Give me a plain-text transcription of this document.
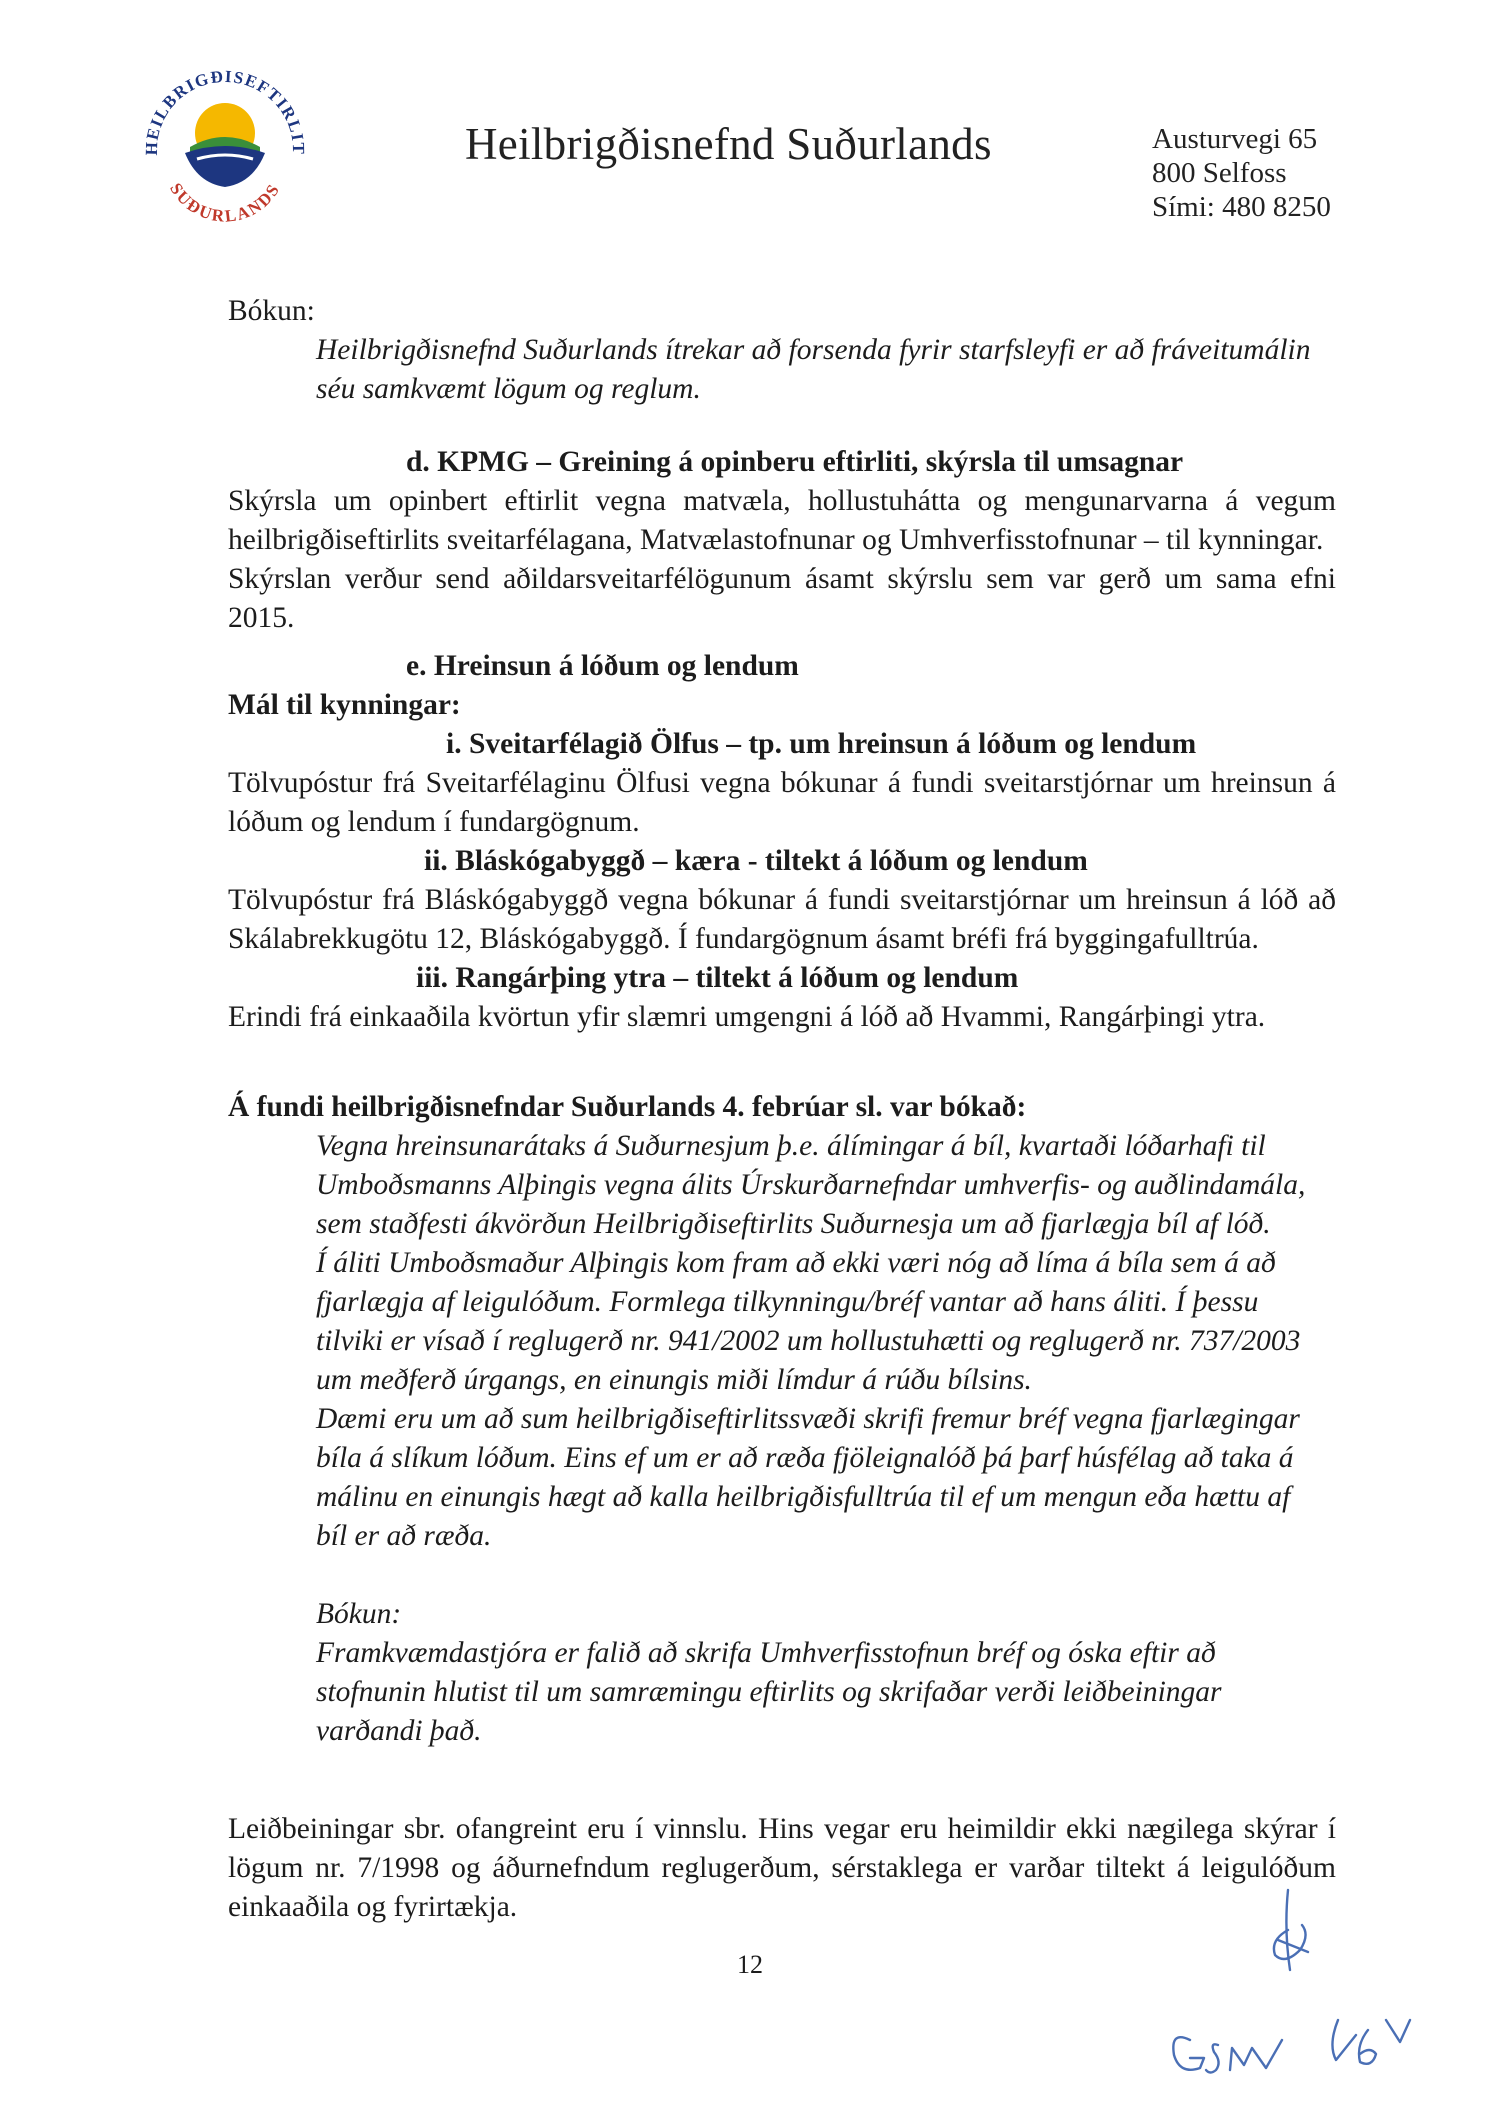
HEILBRIGÐISEFTIRLIT
SUÐURLANDS
Heilbrigðisnefnd Suðurlands	Austurvegi 65
800 Selfoss
Sími: 480 8250

Bókun:

Heilbrigðisnefnd Suðurlands ítrekar að forsenda fyrir starfsleyfi er að fráveitumálin séu samkvæmt lögum og reglum.

d. KPMG – Greining á opinberu eftirliti, skýrsla til umsagnar

Skýrsla um opinbert eftirlit vegna matvæla, hollustuhátta og mengunarvarna á vegum heilbrigðiseftirlits sveitarfélagana, Matvælastofnunar og Umhverfisstofnunar – til kynningar.

Skýrslan verður send aðildarsveitarfélögunum ásamt skýrslu sem var gerð um sama efni 2015.

e. Hreinsun á lóðum og lendum

Mál til kynningar:

i. Sveitarfélagið Ölfus – tp. um hreinsun á lóðum og lendum

Tölvupóstur frá Sveitarfélaginu Ölfusi vegna bókunar á fundi sveitarstjórnar um hreinsun á lóðum og lendum í fundargögnum.

ii. Bláskógabyggð – kæra - tiltekt á lóðum og lendum

Tölvupóstur frá Bláskógabyggð vegna bókunar á fundi sveitarstjórnar um hreinsun á lóð að Skálabrekkugötu 12, Bláskógabyggð. Í fundargögnum ásamt bréfi frá byggingafulltrúa.

iii. Rangárþing ytra – tiltekt á lóðum og lendum

Erindi frá einkaaðila kvörtun yfir slæmri umgengni á lóð að Hvammi, Rangárþingi ytra.

Á fundi heilbrigðisnefndar Suðurlands 4. febrúar sl. var bókað:

Vegna hreinsunarátaks á Suðurnesjum þ.e. álímingar á bíl, kvartaði lóðarhafi til Umboðsmanns Alþingis vegna álits Úrskurðarnefndar umhverfis- og auðlindamála, sem staðfesti ákvörðun Heilbrigðiseftirlits Suðurnesja um að fjarlægja bíl af lóð.

Í áliti Umboðsmaður Alþingis kom fram að ekki væri nóg að líma á bíla sem á að fjarlægja af leigulóðum. Formlega tilkynningu/bréf vantar að hans áliti. Í þessu tilviki er vísað í reglugerð nr. 941/2002 um hollustuhætti og reglugerð nr. 737/2003 um meðferð úrgangs, en einungis miði límdur á rúðu bílsins.

Dæmi eru um að sum heilbrigðiseftirlitssvæði skrifi fremur bréf vegna fjarlægingar bíla á slíkum lóðum. Eins ef um er að ræða fjöleignalóð þá þarf húsfélag að taka á málinu en einungis hægt að kalla heilbrigðisfulltrúa til ef um mengun eða hættu af bíl er að ræða.

Bókun:

Framkvæmdastjóra er falið að skrifa Umhverfisstofnun bréf og óska eftir að stofnunin hlutist til um samræmingu eftirlits og skrifaðar verði leiðbeiningar varðandi það.

Leiðbeiningar sbr. ofangreint eru í vinnslu. Hins vegar eru heimildir ekki nægilega skýrar í lögum nr. 7/1998 og áðurnefndum reglugerðum, sérstaklega er varðar tiltekt á leigulóðum einkaaðila og fyrirtækja.
12
